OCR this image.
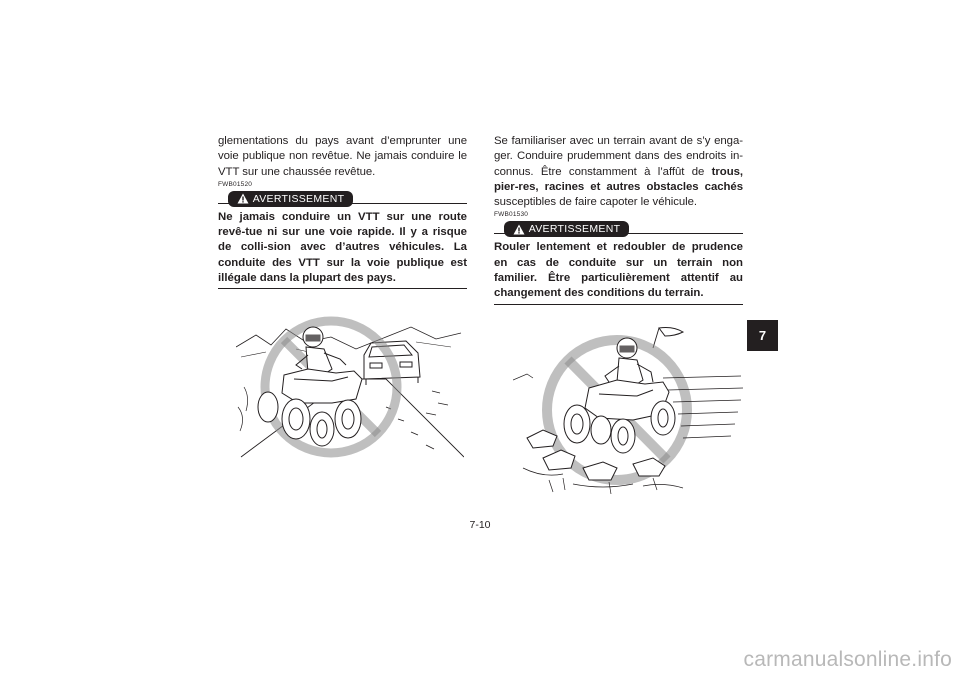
glementations du pays avant d’emprunter une voie publique non revêtue. Ne jamais conduire le VTT sur une chaussée revêtue.

FWB01520
AVERTISSEMENT

Ne jamais conduire un VTT sur une route revê-tue ni sur une voie rapide. Il y a risque de colli-sion avec d’autres véhicules. La conduite des VTT sur la voie publique est illégale dans la plupart des pays.

Se familiariser avec un terrain avant de s’y enga-ger. Conduire prudemment dans des endroits in-connus. Être constamment à l’affût de trous, pier-res, racines et autres obstacles cachés susceptibles de faire capoter le véhicule.

FWB01530
AVERTISSEMENT

Rouler lentement et redoubler de prudence en cas de conduite sur un terrain non familier. Être particulièrement attentif au changement des conditions du terrain.

7
7-10
carmanualsonline.info
